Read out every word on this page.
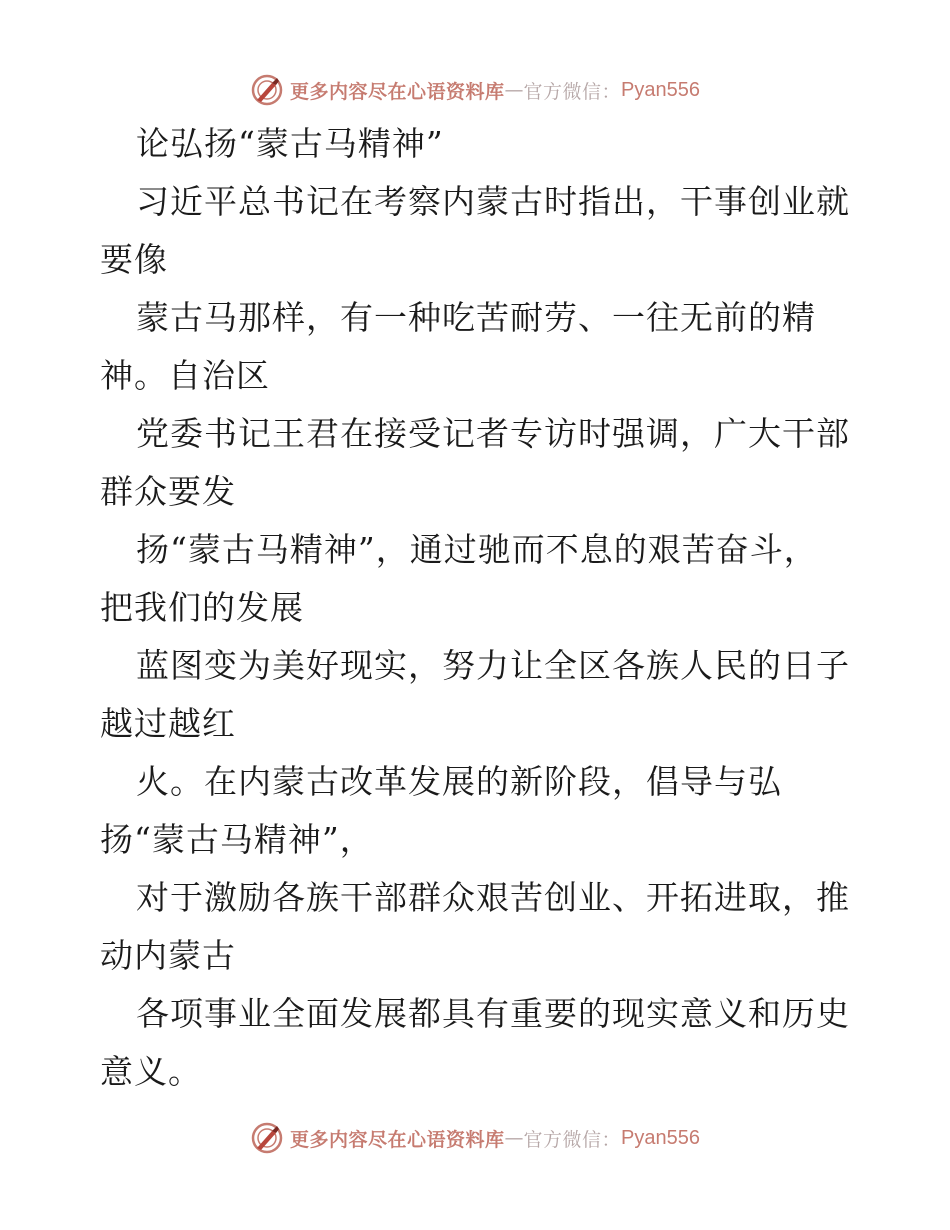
更多内容尽在心语资料库 — 官方微信： Pyan556
论弘扬“蒙古马精神”
习近平总书记在考察内蒙古时指出，干事创业就
要像
蒙古马那样，有一种吃苦耐劳、一往无前的精
神。自治区
党委书记王君在接受记者专访时强调，广大干部
群众要发
扬“蒙古马精神”，通过驰而不息的艰苦奋斗，
把我们的发展
蓝图变为美好现实，努力让全区各族人民的日子
越过越红
火。在内蒙古改革发展的新阶段，倡导与弘
扬“蒙古马精神”，
对于激励各族干部群众艰苦创业、开拓进取，推
动内蒙古
各项事业全面发展都具有重要的现实意义和历史
意义。
更多内容尽在心语资料库 — 官方微信： Pyan556
